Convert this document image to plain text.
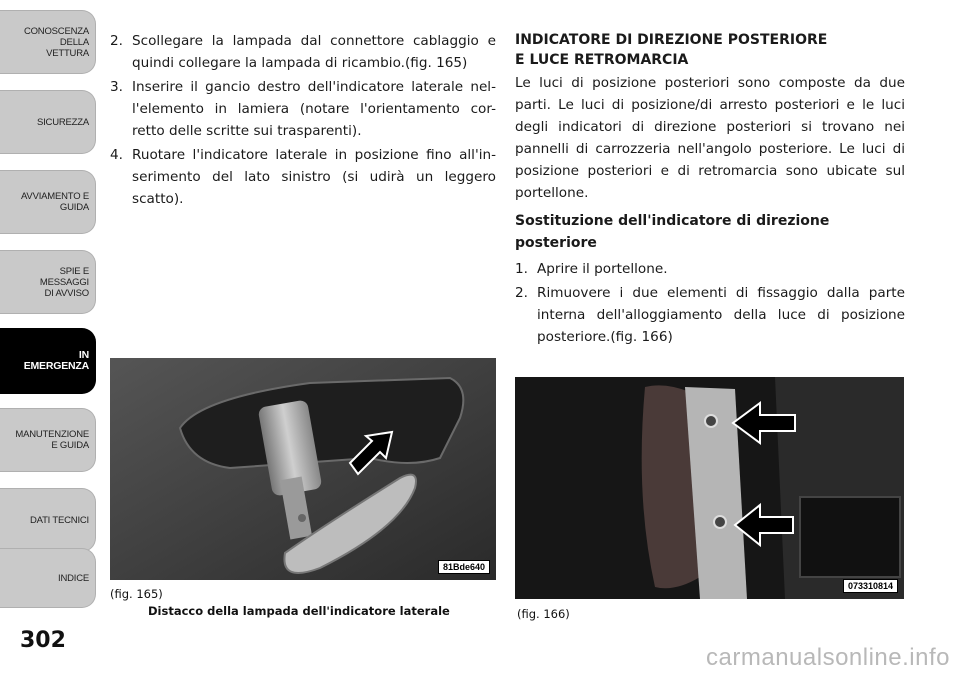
CONOSCENZA DELLA
VETTURA
SICUREZZA
AVVIAMENTO E
GUIDA
SPIE E
MESSAGGI
DI AVVISO
IN
EMERGENZA
MANUTENZIONE
E GUIDA
DATI TECNICI
INDICE
302
2. Scollegare la lampada dal connettore cablaggio e quindi collegare la lampada di ricambio.(fig. 165)
3. Inserire il gancio destro dell'indicatore laterale nel-l'elemento in lamiera (notare l'orientamento cor-retto delle scritte sui trasparenti).
4. Ruotare l'indicatore laterale in posizione fino all'in-serimento del lato sinistro (si udirà un leggero scatto).

INDICATORE DI DIREZIONE POSTERIORE
E LUCE RETROMARCIA

Le luci di posizione posteriori sono composte da due parti. Le luci di posizione/di arresto posteriori e le luci degli indicatori di direzione posteriori si trovano nei pannelli di carrozzeria nell'angolo posteriore. Le luci di posizione posteriori e di retromarcia sono ubicate sul portellone.

Sostituzione dell'indicatore di direzione posteriore

1. Aprire il portellone.
2. Rimuovere i due elementi di fissaggio dalla parte interna dell'alloggiamento della luce di posizione posteriore.(fig. 166)
81Bde640
(fig. 165)
Distacco della lampada dell'indicatore laterale
073310814
(fig. 166)
carmanualsonline.info
